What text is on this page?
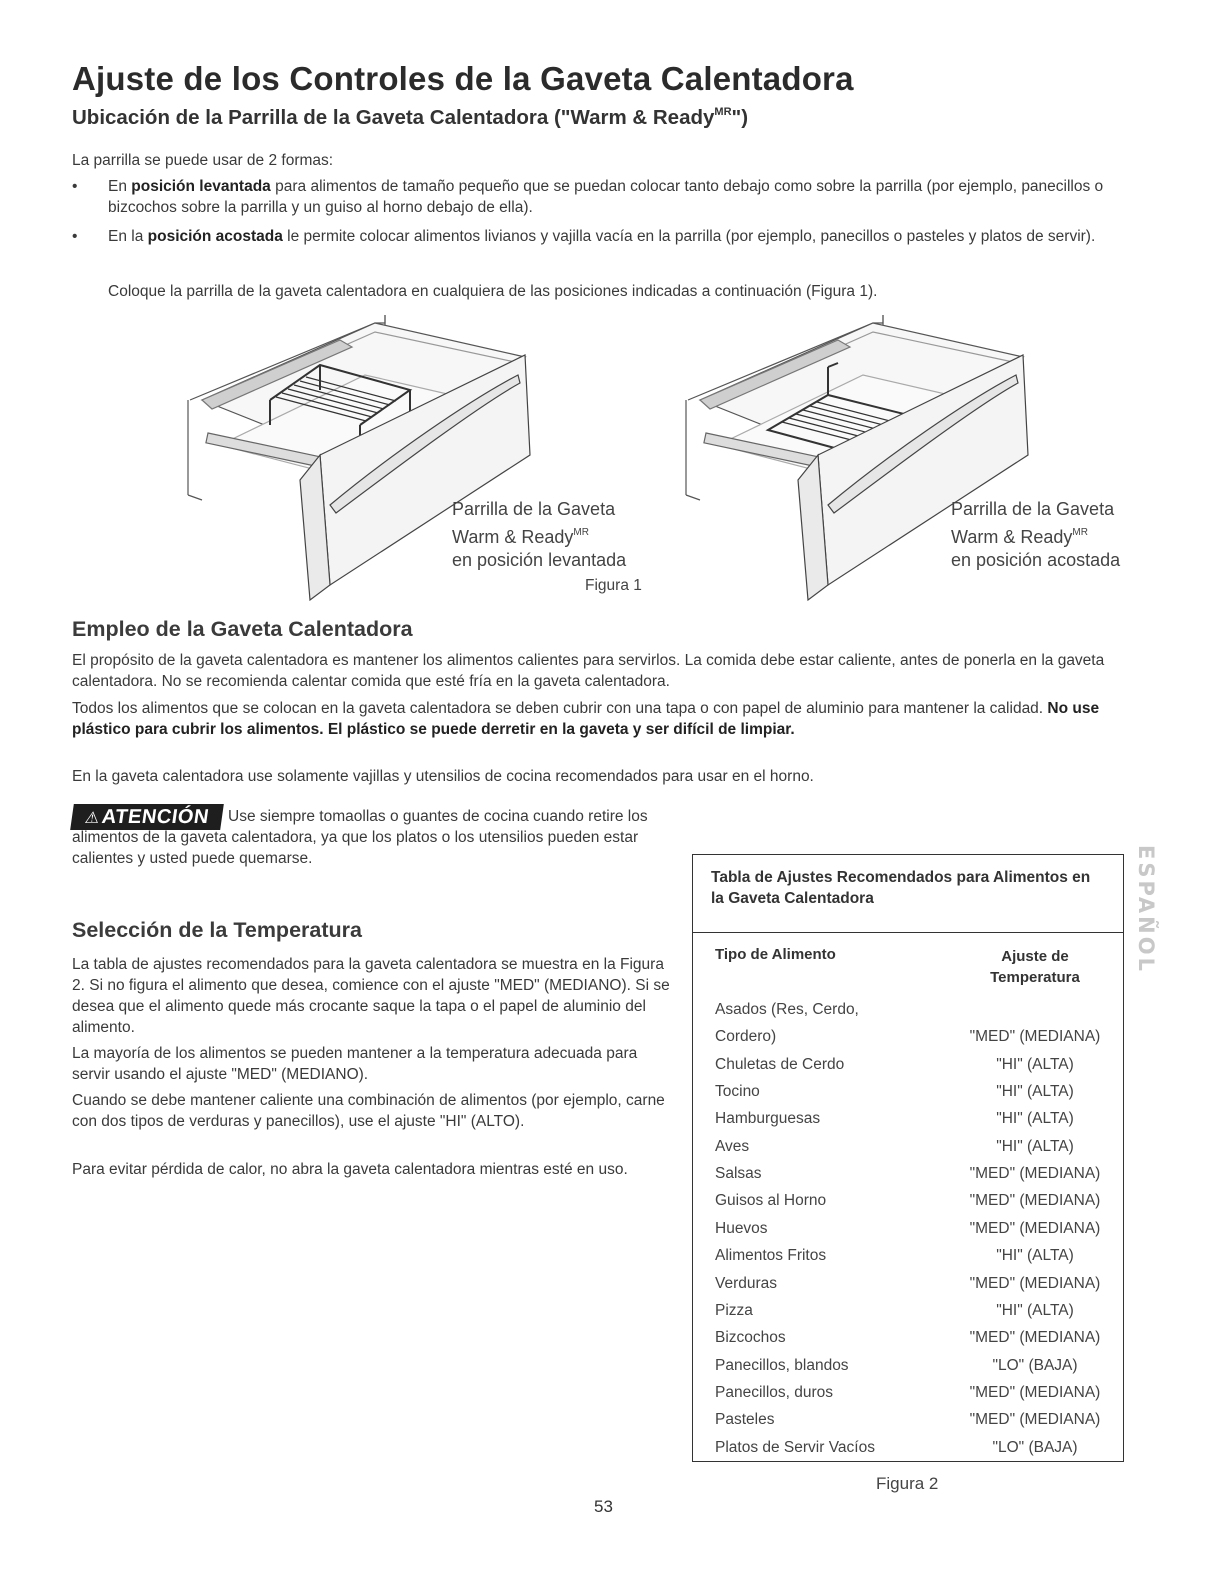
Ajuste de los Controles de la Gaveta Calentadora
Ubicación de la Parrilla de la Gaveta Calentadora ("Warm & Ready$^{MR}$")
La parrilla se puede usar de 2 formas:
• En posición levantada para alimentos de tamaño pequeño que se puedan colocar tanto debajo como sobre la parrilla (por ejemplo, panecillos o bizcochos sobre la parrilla y un guiso al horno debajo de ella).
• En la posición acostada le permite colocar alimentos livianos y vajilla vacía en la parrilla (por ejemplo, panecillos o pasteles y platos de servir).
Coloque la parrilla de la gaveta calentadora en cualquiera de las posiciones indicadas a continuación (Figura 1).
Parrilla de la Gaveta
Warm & Ready$^{MR}$
en posición levantada
Parrilla de la Gaveta
Warm & Ready$^{MR}$
en posición acostada
Figura 1
Empleo de la Gaveta Calentadora
El propósito de la gaveta calentadora es mantener los alimentos calientes para servirlos. La comida debe estar caliente, antes de ponerla en la gaveta calentadora. No se recomienda calentar comida que esté fría en la gaveta calentadora.
Todos los alimentos que se colocan en la gaveta calentadora se deben cubrir con una tapa o con papel de aluminio para mantener la calidad. No use plástico para cubrir los alimentos. El plástico se puede derretir en la gaveta y ser difícil de limpiar.
En la gaveta calentadora use solamente vajillas y utensilios de cocina recomendados para usar en el horno.
⚠ATENCIÓN	Use siempre tomaollas o guantes de cocina cuando retire los alimentos de la gaveta calentadora, ya que los platos o los utensilios pueden estar calientes y usted puede quemarse.
Selección de la Temperatura
La tabla de ajustes recomendados para la gaveta calentadora se muestra en la Figura 2. Si no figura el alimento que desea, comience con el ajuste "MED" (MEDIANO). Si se desea que el alimento quede más crocante saque la tapa o el papel de aluminio del alimento.
La mayoría de los alimentos se pueden mantener a la temperatura adecuada para servir usando el ajuste "MED" (MEDIANO).
Cuando se debe mantener caliente una combinación de alimentos (por ejemplo, carne con dos tipos de verduras y panecillos), use el ajuste "HI" (ALTO).
Para evitar pérdida de calor, no abra la gaveta calentadora mientras esté en uso.
Tabla de Ajustes Recomendados para Alimentos en la Gaveta Calentadora
Tipo de Alimento	Ajuste de Temperatura
Asados (Res, Cerdo,
Cordero)	"MED" (MEDIANA)
Chuletas de Cerdo	"HI" (ALTA)
Tocino	"HI" (ALTA)
Hamburguesas	"HI" (ALTA)
Aves	"HI" (ALTA)
Salsas	"MED" (MEDIANA)
Guisos al Horno	"MED" (MEDIANA)
Huevos	"MED" (MEDIANA)
Alimentos Fritos	"HI" (ALTA)
Verduras	"MED" (MEDIANA)
Pizza	"HI" (ALTA)
Bizcochos	"MED" (MEDIANA)
Panecillos, blandos	"LO" (BAJA)
Panecillos, duros	"MED" (MEDIANA)
Pasteles	"MED" (MEDIANA)
Platos de Servir Vacíos	"LO" (BAJA)
Figura 2
ESPAÑOL
53
